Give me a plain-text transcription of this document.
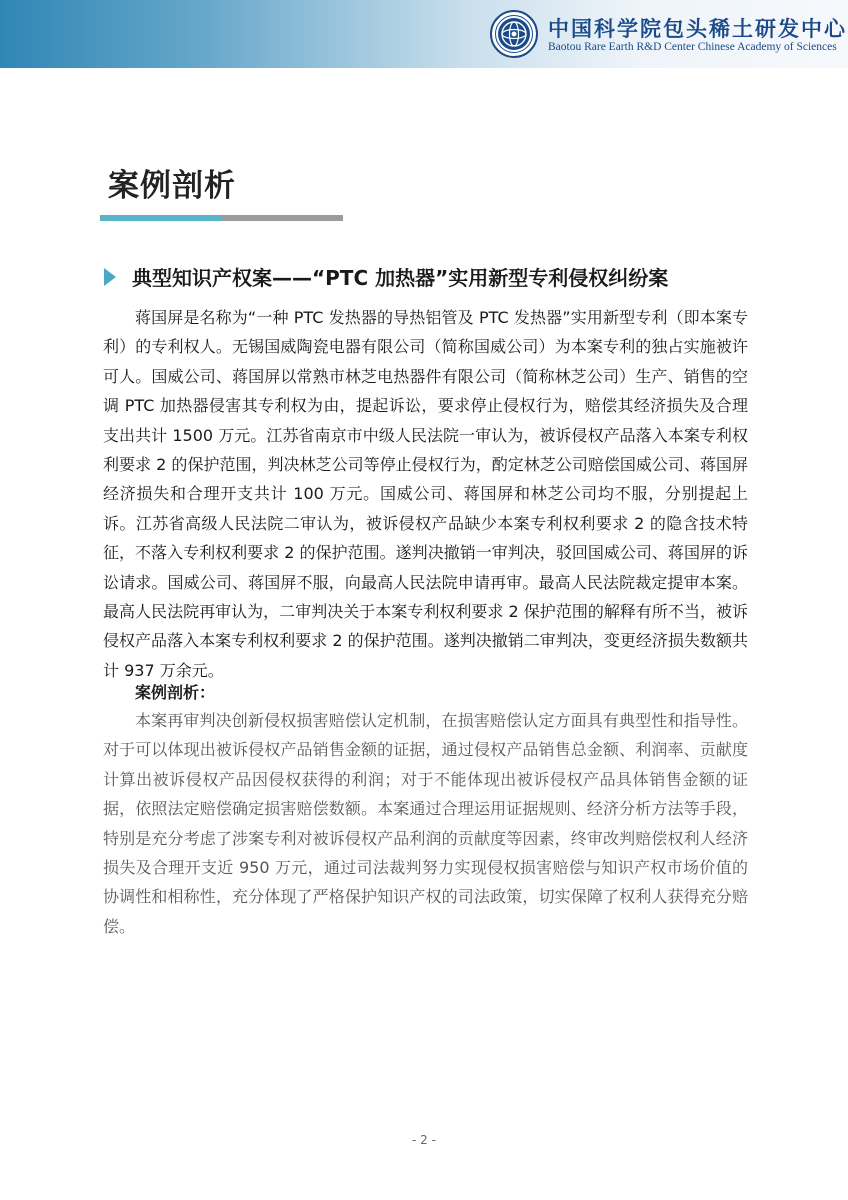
中国科学院包头稀土研发中心
Baotou Rare Earth R&D Center Chinese Academy of Sciences
案例剖析
典型知识产权案——“PTC 加热器”实用新型专利侵权纠纷案

蒋国屏是名称为“一种 PTC 发热器的导热铝管及 PTC 发热器”实用新型专利（即本案专利）的专利权人。无锡国威陶瓷电器有限公司（简称国威公司）为本案专利的独占实施被许可人。国威公司、蒋国屏以常熟市林芝电热器件有限公司（简称林芝公司）生产、销售的空调 PTC 加热器侵害其专利权为由，提起诉讼，要求停止侵权行为，赔偿其经济损失及合理支出共计 1500 万元。江苏省南京市中级人民法院一审认为，被诉侵权产品落入本案专利权利要求 2 的保护范围，判决林芝公司等停止侵权行为，酌定林芝公司赔偿国威公司、蒋国屏经济损失和合理开支共计 100 万元。国威公司、蒋国屏和林芝公司均不服，分别提起上诉。江苏省高级人民法院二审认为，被诉侵权产品缺少本案专利权利要求 2 的隐含技术特征，不落入专利权利要求 2 的保护范围。遂判决撤销一审判决，驳回国威公司、蒋国屏的诉讼请求。国威公司、蒋国屏不服，向最高人民法院申请再审。最高人民法院裁定提审本案。最高人民法院再审认为，二审判决关于本案专利权利要求 2 保护范围的解释有所不当，被诉侵权产品落入本案专利权利要求 2 的保护范围。遂判决撤销二审判决，变更经济损失数额共计 937 万余元。

案例剖析：

本案再审判决创新侵权损害赔偿认定机制，在损害赔偿认定方面具有典型性和指导性。对于可以体现出被诉侵权产品销售金额的证据，通过侵权产品销售总金额、利润率、贡献度计算出被诉侵权产品因侵权获得的利润；对于不能体现出被诉侵权产品具体销售金额的证据，依照法定赔偿确定损害赔偿数额。本案通过合理运用证据规则、经济分析方法等手段，特别是充分考虑了涉案专利对被诉侵权产品利润的贡献度等因素，终审改判赔偿权利人经济损失及合理开支近 950 万元，通过司法裁判努力实现侵权损害赔偿与知识产权市场价值的协调性和相称性，充分体现了严格保护知识产权的司法政策，切实保障了权利人获得充分赔偿。

- 2 -
